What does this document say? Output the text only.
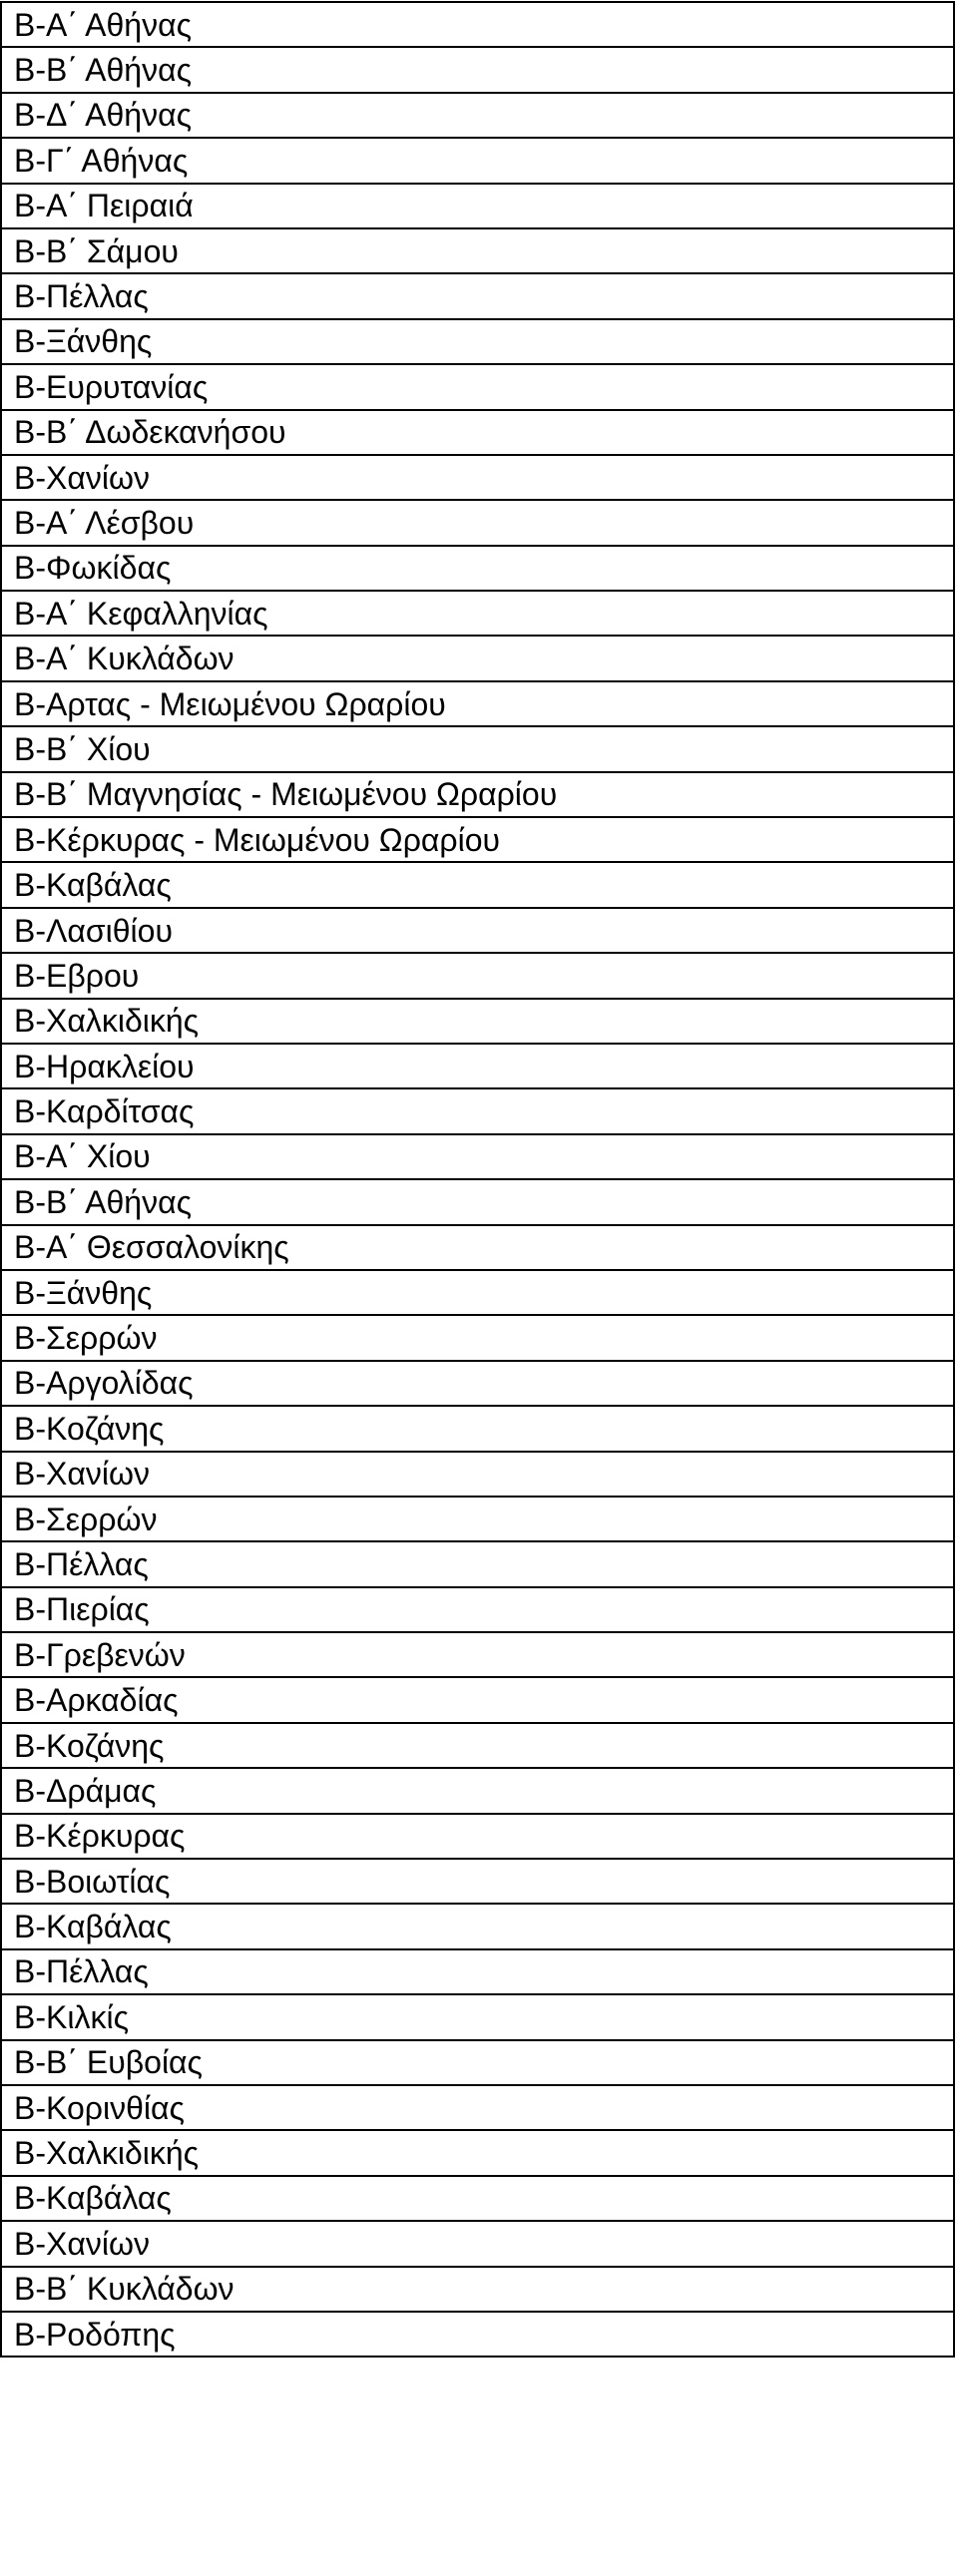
Β-Α΄ Αθήνας
Β-Β΄ Αθήνας
Β-Δ΄ Αθήνας
Β-Γ΄ Αθήνας
Β-Α΄ Πειραιά
Β-Β΄ Σάμου
Β-Πέλλας
Β-Ξάνθης
Β-Ευρυτανίας
Β-Β΄ Δωδεκανήσου
Β-Χανίων
Β-Α΄ Λέσβου
Β-Φωκίδας
Β-Α΄ Κεφαλληνίας
Β-Α΄ Κυκλάδων
Β-Αρτας - Μειωμένου Ωραρίου
Β-Β΄ Χίου
Β-Β΄ Μαγνησίας - Μειωμένου Ωραρίου
Β-Κέρκυρας - Μειωμένου Ωραρίου
Β-Καβάλας
Β-Λασιθίου
Β-Εβρου
Β-Χαλκιδικής
Β-Ηρακλείου
Β-Καρδίτσας
Β-Α΄ Χίου
Β-Β΄ Αθήνας
Β-Α΄ Θεσσαλονίκης
Β-Ξάνθης
Β-Σερρών
Β-Αργολίδας
Β-Κοζάνης
Β-Χανίων
Β-Σερρών
Β-Πέλλας
Β-Πιερίας
Β-Γρεβενών
Β-Αρκαδίας
Β-Κοζάνης
Β-Δράμας
Β-Κέρκυρας
Β-Βοιωτίας
Β-Καβάλας
Β-Πέλλας
Β-Κιλκίς
Β-Β΄ Ευβοίας
Β-Κορινθίας
Β-Χαλκιδικής
Β-Καβάλας
Β-Χανίων
Β-Β΄ Κυκλάδων
Β-Ροδόπης
